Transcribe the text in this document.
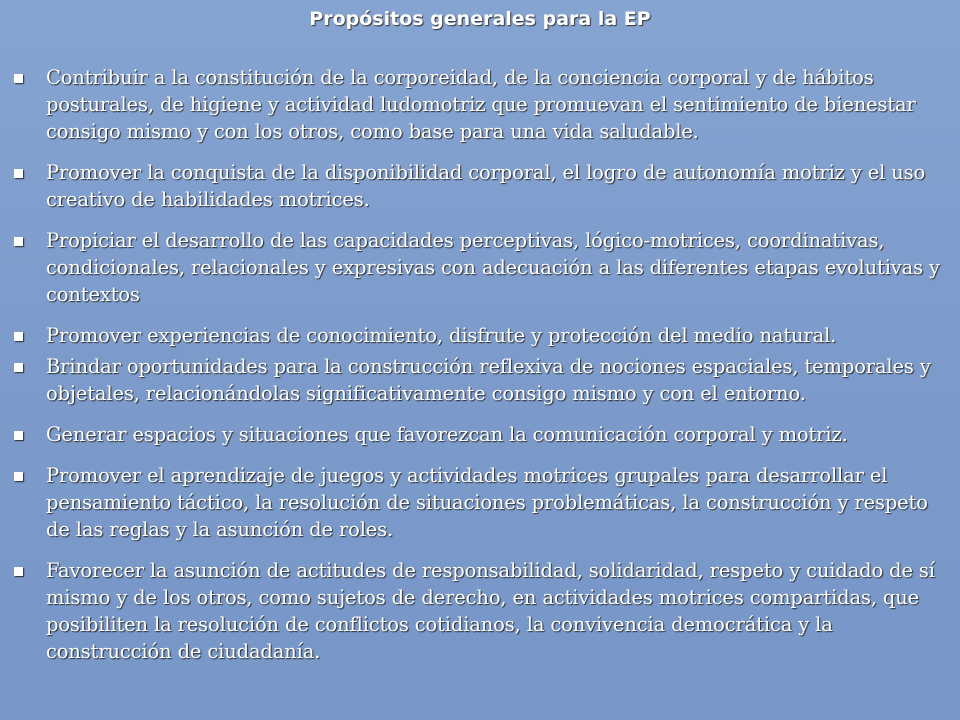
Propósitos generales para la EP
Contribuir a la constitución de la corporeidad, de la conciencia corporal y de hábitos posturales, de higiene y actividad ludomotriz que promuevan el sentimiento de bienestar consigo mismo y con los otros, como base para una vida saludable.
Promover la conquista de la disponibilidad corporal, el logro de autonomía motriz y el uso creativo de habilidades motrices.
Propiciar el desarrollo de las capacidades perceptivas, lógico-motrices, coordinativas, condicionales, relacionales y expresivas con adecuación a las diferentes etapas evolutivas y contextos
Promover experiencias de conocimiento, disfrute y protección del medio natural.
Brindar oportunidades para la construcción reflexiva de nociones espaciales, temporales y objetales, relacionándolas significativamente consigo mismo y con el entorno.
Generar espacios y situaciones que favorezcan la comunicación corporal y motriz.
Promover el aprendizaje de juegos y actividades motrices grupales para desarrollar el pensamiento táctico, la resolución de situaciones problemáticas, la construcción y respeto de las reglas y la asunción de roles.
Favorecer la asunción de actitudes de responsabilidad, solidaridad, respeto y cuidado de sí mismo y de los otros, como sujetos de derecho, en actividades motrices compartidas, que posibiliten la resolución de conflictos cotidianos, la convivencia democrática y la construcción de ciudadanía.
